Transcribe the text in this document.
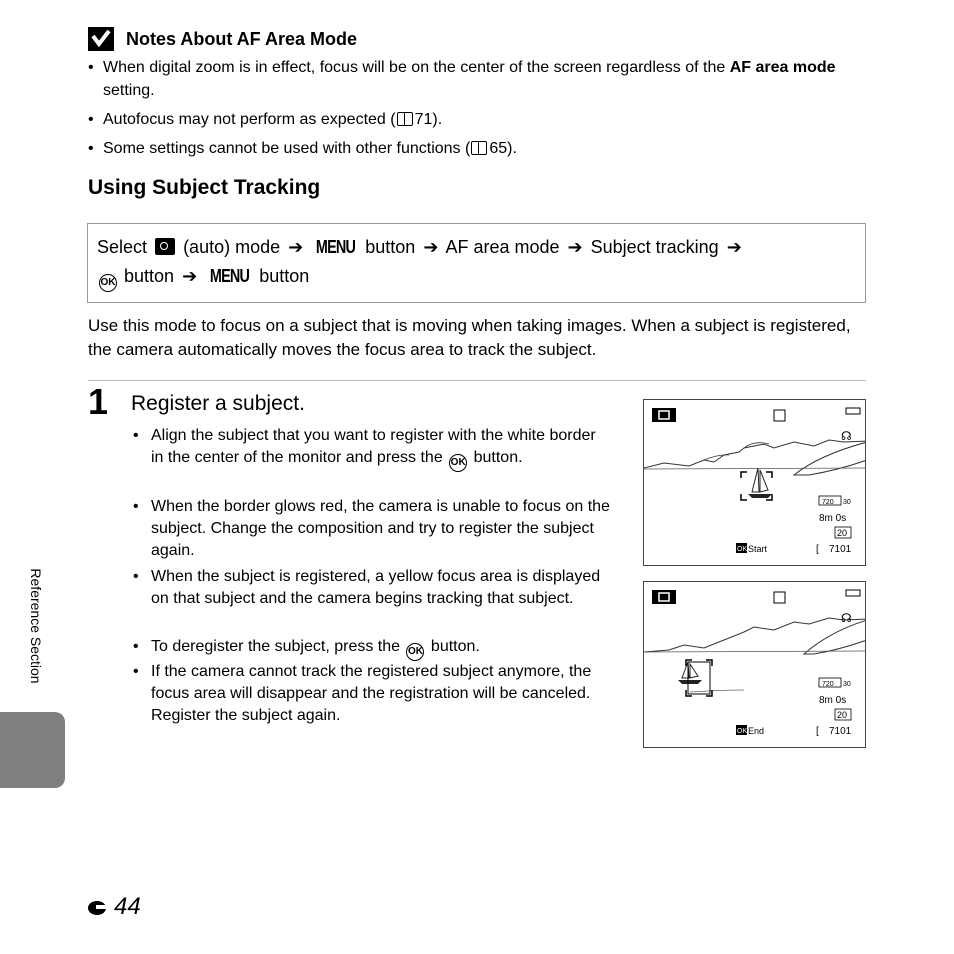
Notes About AF Area Mode
• When digital zoom is in effect, focus will be on the center of the screen regardless of the AF area mode setting.
• Autofocus may not perform as expected ( 71).
• Some settings cannot be used with other functions ( 65).
Using Subject Tracking
Select (auto) mode ➔ MENU button ➔ AF area mode ➔ Subject tracking ➔
OK button ➔ MENU button
Use this mode to focus on a subject that is moving when taking images. When a subject is registered, the camera automatically moves the focus area to track the subject.
1 Register a subject.
• Align the subject that you want to register with the white border in the center of the monitor and press the OK button.
• When the border glows red, the camera is unable to focus on the subject. Change the composition and try to register the subject again.
• When the subject is registered, a yellow focus area is displayed on that subject and the camera begins tracking that subject.
• To deregister the subject, press the OK button.
• If the camera cannot track the registered subject anymore, the focus area will disappear and the registration will be canceled. Register the subject again.
☊
720 30
8m 0s
20
OK Start	[ 7101
☊
720 30
8m 0s
20
OK End	[ 7101
Reference Section
44
